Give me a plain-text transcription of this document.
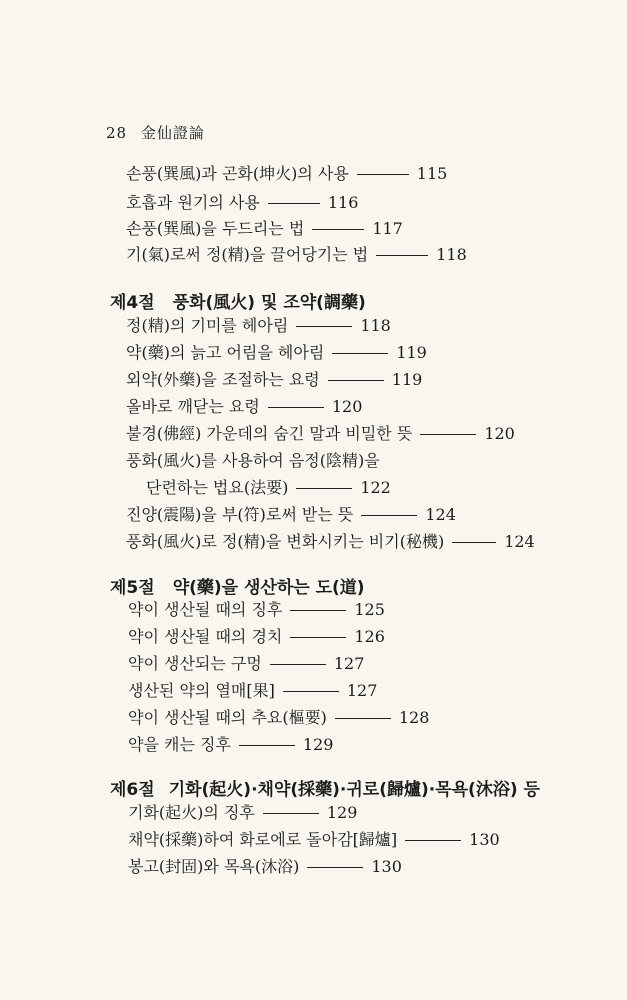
28 金仙證論
손풍(巽風)과 곤화(坤火)의 사용	115
호흡과 원기의 사용	116
손풍(巽風)을 두드리는 법	117
기(氣)로써 정(精)을 끌어당기는 법	118
제4절 풍화(風火) 및 조약(調藥)
정(精)의 기미를 헤아림	118
약(藥)의 늙고 어림을 헤아림	119
외약(外藥)을 조절하는 요령	119
올바로 깨닫는 요령	120
불경(佛經) 가운데의 숨긴 말과 비밀한 뜻	120
풍화(風火)를 사용하여 음정(陰精)을
단련하는 법요(法要)	122
진양(震陽)을 부(符)로써 받는 뜻	124
풍화(風火)로 정(精)을 변화시키는 비기(秘機)	124
제5절 약(藥)을 생산하는 도(道)
약이 생산될 때의 징후	125
약이 생산될 때의 경치	126
약이 생산되는 구멍	127
생산된 약의 열매[果]	127
약이 생산될 때의 추요(樞要)	128
약을 캐는 징후	129
제6절 기화(起火)·채약(採藥)·귀로(歸爐)·목욕(沐浴) 등
기화(起火)의 징후	129
채약(採藥)하여 화로에로 돌아감[歸爐]	130
봉고(封固)와 목욕(沐浴)	130
